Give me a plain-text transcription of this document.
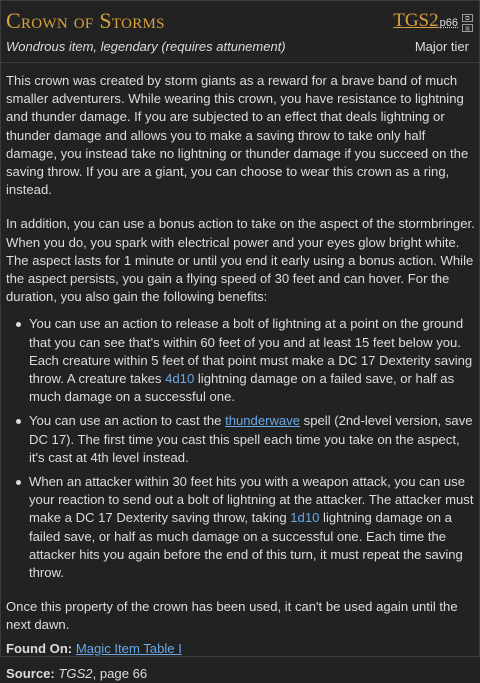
Crown of Storms
Wondrous item, legendary (requires attunement)
TGS2p66	⧉
▤
Major tier

This crown was created by storm giants as a reward for a brave band of much smaller adventurers. While wearing this crown, you have resistance to lightning and thunder damage. If you are subjected to an effect that deals lightning or thunder damage and allows you to make a saving throw to take only half damage, you instead take no lightning or thunder damage if you succeed on the saving throw. If you are a giant, you can choose to wear this crown as a ring, instead.

In addition, you can use a bonus action to take on the aspect of the stormbringer. When you do, you spark with electrical power and your eyes glow bright white. The aspect lasts for 1 minute or until you end it early using a bonus action. While the aspect persists, you gain a flying speed of 30 feet and can hover. For the duration, you also gain the following benefits:

You can use an action to release a bolt of lightning at a point on the ground that you can see that's within 60 feet of you and at least 15 feet below you. Each creature within 5 feet of that point must make a DC 17 Dexterity saving throw. A creature takes 4d10 lightning damage on a failed save, or half as much damage on a successful one.
You can use an action to cast the thunderwave spell (2nd-level version, save DC 17). The first time you cast this spell each time you take on the aspect, it's cast at 4th level instead.
When an attacker within 30 feet hits you with a weapon attack, you can use your reaction to send out a bolt of lightning at the attacker. The attacker must make a DC 17 Dexterity saving throw, taking 1d10 lightning damage on a failed save, or half as much damage on a successful one. Each time the attacker hits you again before the end of this turn, it must repeat the saving throw.

Once this property of the crown has been used, it can't be used again until the next dawn.

Found On: Magic Item Table I

Source: TGS2, page 66
